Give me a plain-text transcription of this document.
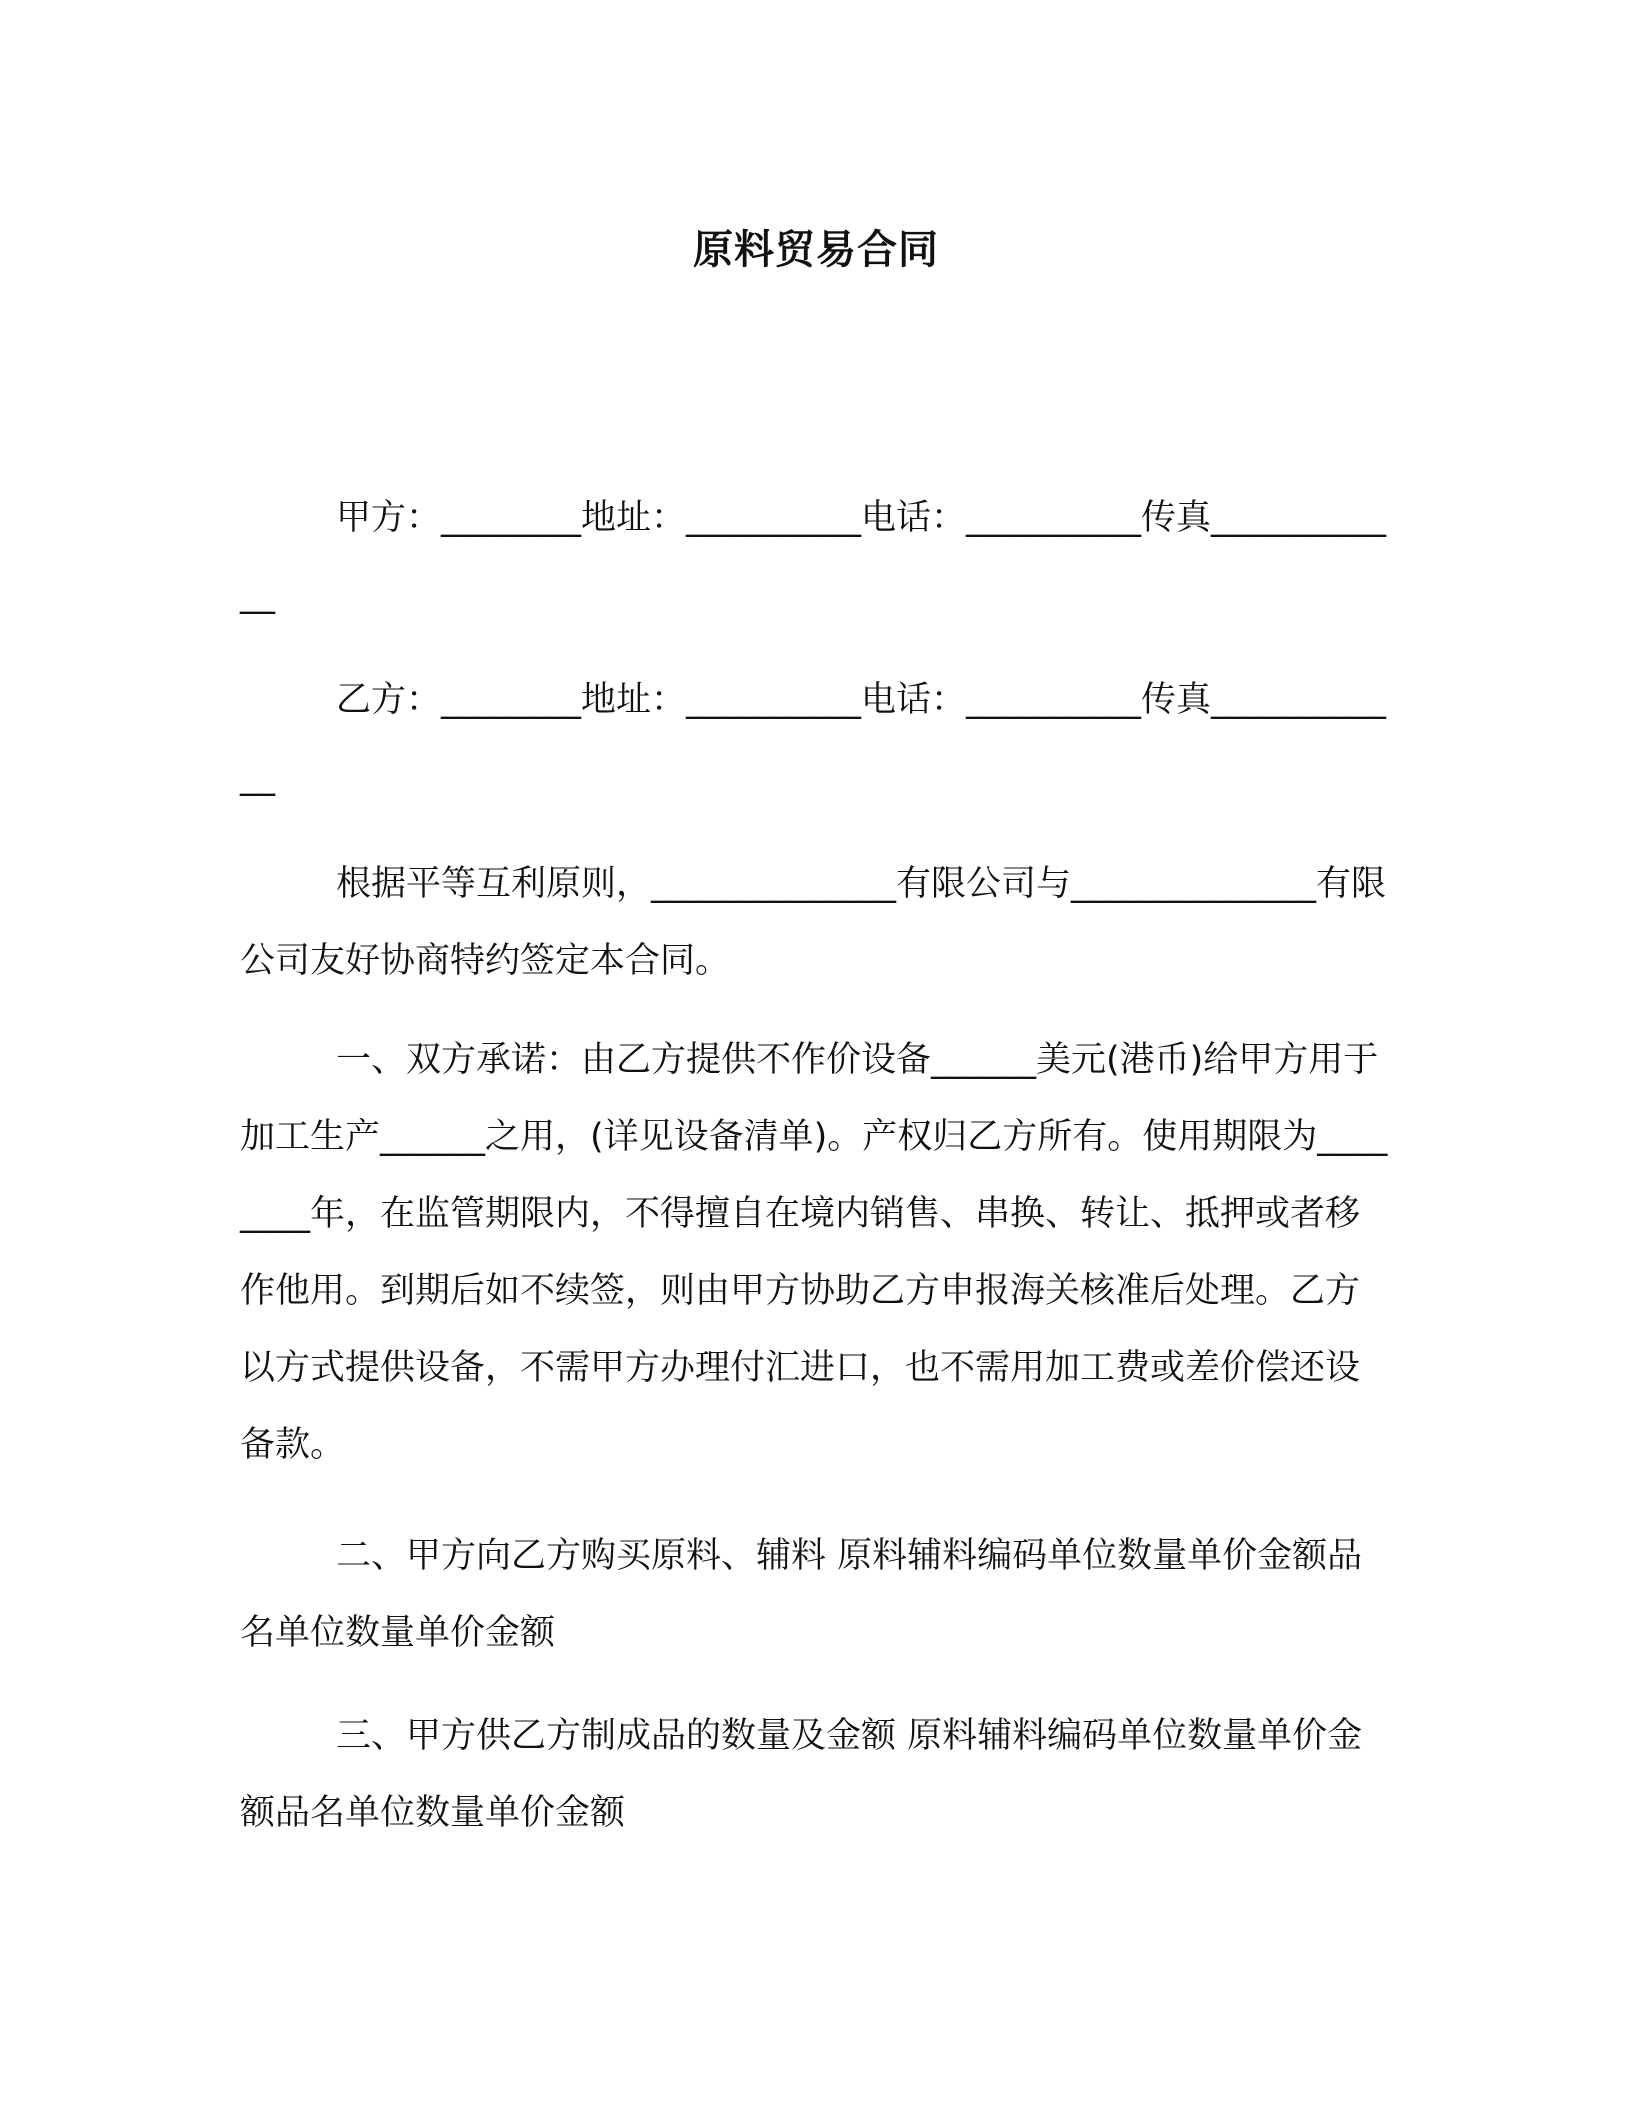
原料贸易合同
甲方：________地址：__________电话：__________传真____________
乙方：________地址：__________电话：__________传真____________
根据平等互利原则，______________有限公司与______________有限公司友好协商特约签定本合同。
一、双方承诺：由乙方提供不作价设备______美元(港币)给甲方用于加工生产______之用，(详见设备清单)。产权归乙方所有。使用期限为________年，在监管期限内，不得擅自在境内销售、串换、转让、抵押或者移作他用。到期后如不续签，则由甲方协助乙方申报海关核准后处理。乙方以方式提供设备，不需甲方办理付汇进口，也不需用加工费或差价偿还设备款。
二、甲方向乙方购买原料、辅料 原料辅料编码单位数量单价金额品名单位数量单价金额
三、甲方供乙方制成品的数量及金额 原料辅料编码单位数量单价金额品名单位数量单价金额
